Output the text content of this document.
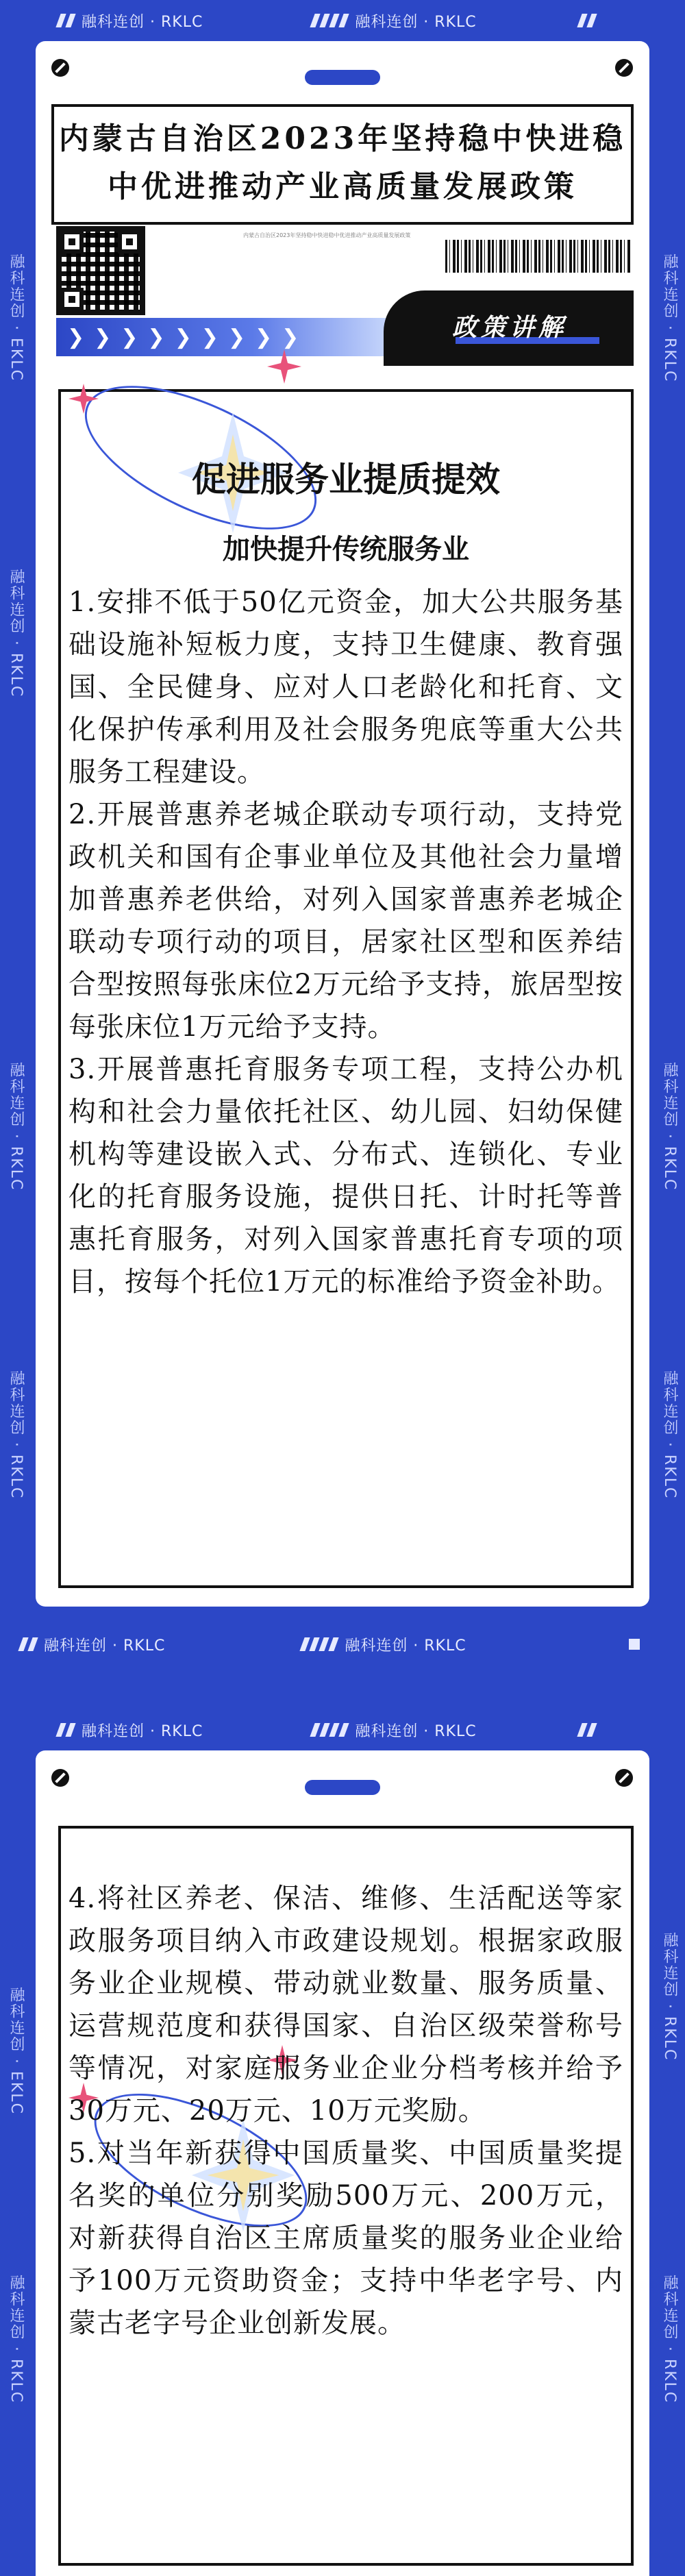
融科连创 · RKLC	融科连创 · RKLC
融科连创 · EKLC
融科连创 · RKLC
融科连创 · RKLC
融科连创 · RKLC
融科连创 · RKLC
融科连创 · RKLC
融科连创 · RKLC
融科连创 · EKLC
融科连创 · RKLC
融科连创 · RKLC
融科连创 · RKLC
内蒙古自治区2023年坚持稳中快进稳
中优进推动产业高质量发展政策
内蒙古自治区2023年坚持稳中快进稳中优进推动产业高质量发展政策
❯ ❯ ❯ ❯ ❯ ❯ ❯ ❯ ❯	政策讲解
促进服务业提质提效
加快提升传统服务业

1.安排不低于50亿元资金，加大公共服务基础设施补短板力度，支持卫生健康、教育强国、全民健身、应对人口老龄化和托育、文化保护传承利用及社会服务兜底等重大公共服务工程建设。

2.开展普惠养老城企联动专项行动，支持党政机关和国有企事业单位及其他社会力量增加普惠养老供给，对列入国家普惠养老城企联动专项行动的项目，居家社区型和医养结合型按照每张床位2万元给予支持，旅居型按每张床位1万元给予支持。

3.开展普惠托育服务专项工程，支持公办机构和社会力量依托社区、幼儿园、妇幼保健机构等建设嵌入式、分布式、连锁化、专业化的托育服务设施，提供日托、计时托等普惠托育服务，对列入国家普惠托育专项的项目，按每个托位1万元的标准给予资金补助。

融科连创 · RKLC	融科连创 · RKLC
融科连创 · RKLC	融科连创 · RKLC

4.将社区养老、保洁、维修、生活配送等家政服务项目纳入市政建设规划。根据家政服务业企业规模、带动就业数量、服务质量、运营规范度和获得国家、自治区级荣誉称号等情况，对家庭服务业企业分档考核并给予30万元、20万元、10万元奖励。

5.对当年新获得中国质量奖、中国质量奖提名奖的单位分别奖励500万元、200万元，对新获得自治区主席质量奖的服务业企业给予100万元资助资金；支持中华老字号、内蒙古老字号企业创新发展。
